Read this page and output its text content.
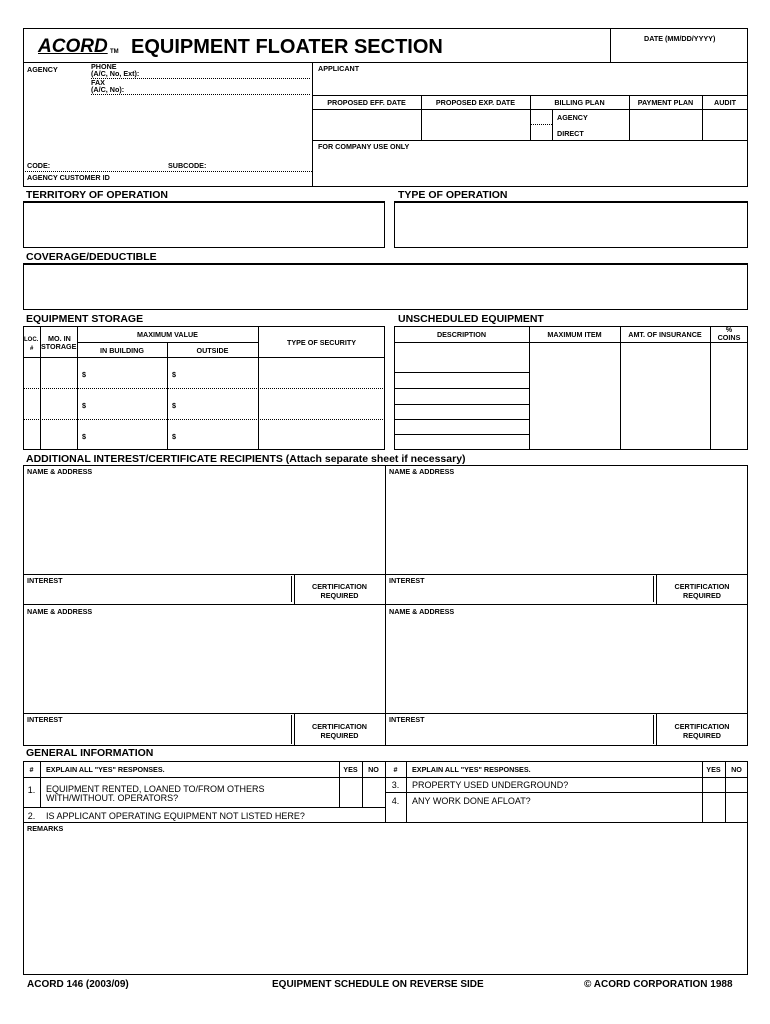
ACORD TM EQUIPMENT FLOATER SECTION	DATE (MM/DD/YYYY)
AGENCY	PHONE
(A/C, No, Ext):
FAX
(A/C, No):
CODE:	SUBCODE:
AGENCY CUSTOMER ID
APPLICANT
PROPOSED EFF. DATE	PROPOSED EXP. DATE	BILLING PLAN	PAYMENT PLAN	AUDIT
AGENCY
DIRECT
FOR COMPANY USE ONLY
TERRITORY OF OPERATION	TYPE OF OPERATION
COVERAGE/DEDUCTIBLE
EQUIPMENT STORAGE
LOC.
#
MO. IN
STORAGE
MAXIMUM VALUE
IN BUILDING	OUTSIDE
TYPE OF SECURITY
$	$
$	$
$	$
UNSCHEDULED EQUIPMENT
DESCRIPTION	MAXIMUM ITEM	AMT. OF INSURANCE
%
COINS
ADDITIONAL INTEREST/CERTIFICATE RECIPIENTS (Attach separate sheet if necessary)
NAME & ADDRESS	NAME & ADDRESS
INTEREST	INTEREST
CERTIFICATION
REQUIRED
CERTIFICATION
REQUIRED
NAME & ADDRESS	NAME & ADDRESS
INTEREST	INTEREST
CERTIFICATION
REQUIRED
CERTIFICATION
REQUIRED
GENERAL INFORMATION
#	EXPLAIN ALL "YES" RESPONSES.	YES	NO	#	EXPLAIN ALL "YES" RESPONSES.	YES	NO
1.	EQUIPMENT RENTED, LOANED TO/FROM OTHERS
WITH/WITHOUT. OPERATORS?
2.	IS APPLICANT OPERATING EQUIPMENT NOT LISTED HERE?
3.	PROPERTY USED UNDERGROUND?
4.	ANY WORK DONE AFLOAT?
REMARKS
ACORD 146 (2003/09)	EQUIPMENT SCHEDULE ON REVERSE SIDE	© ACORD CORPORATION 1988
